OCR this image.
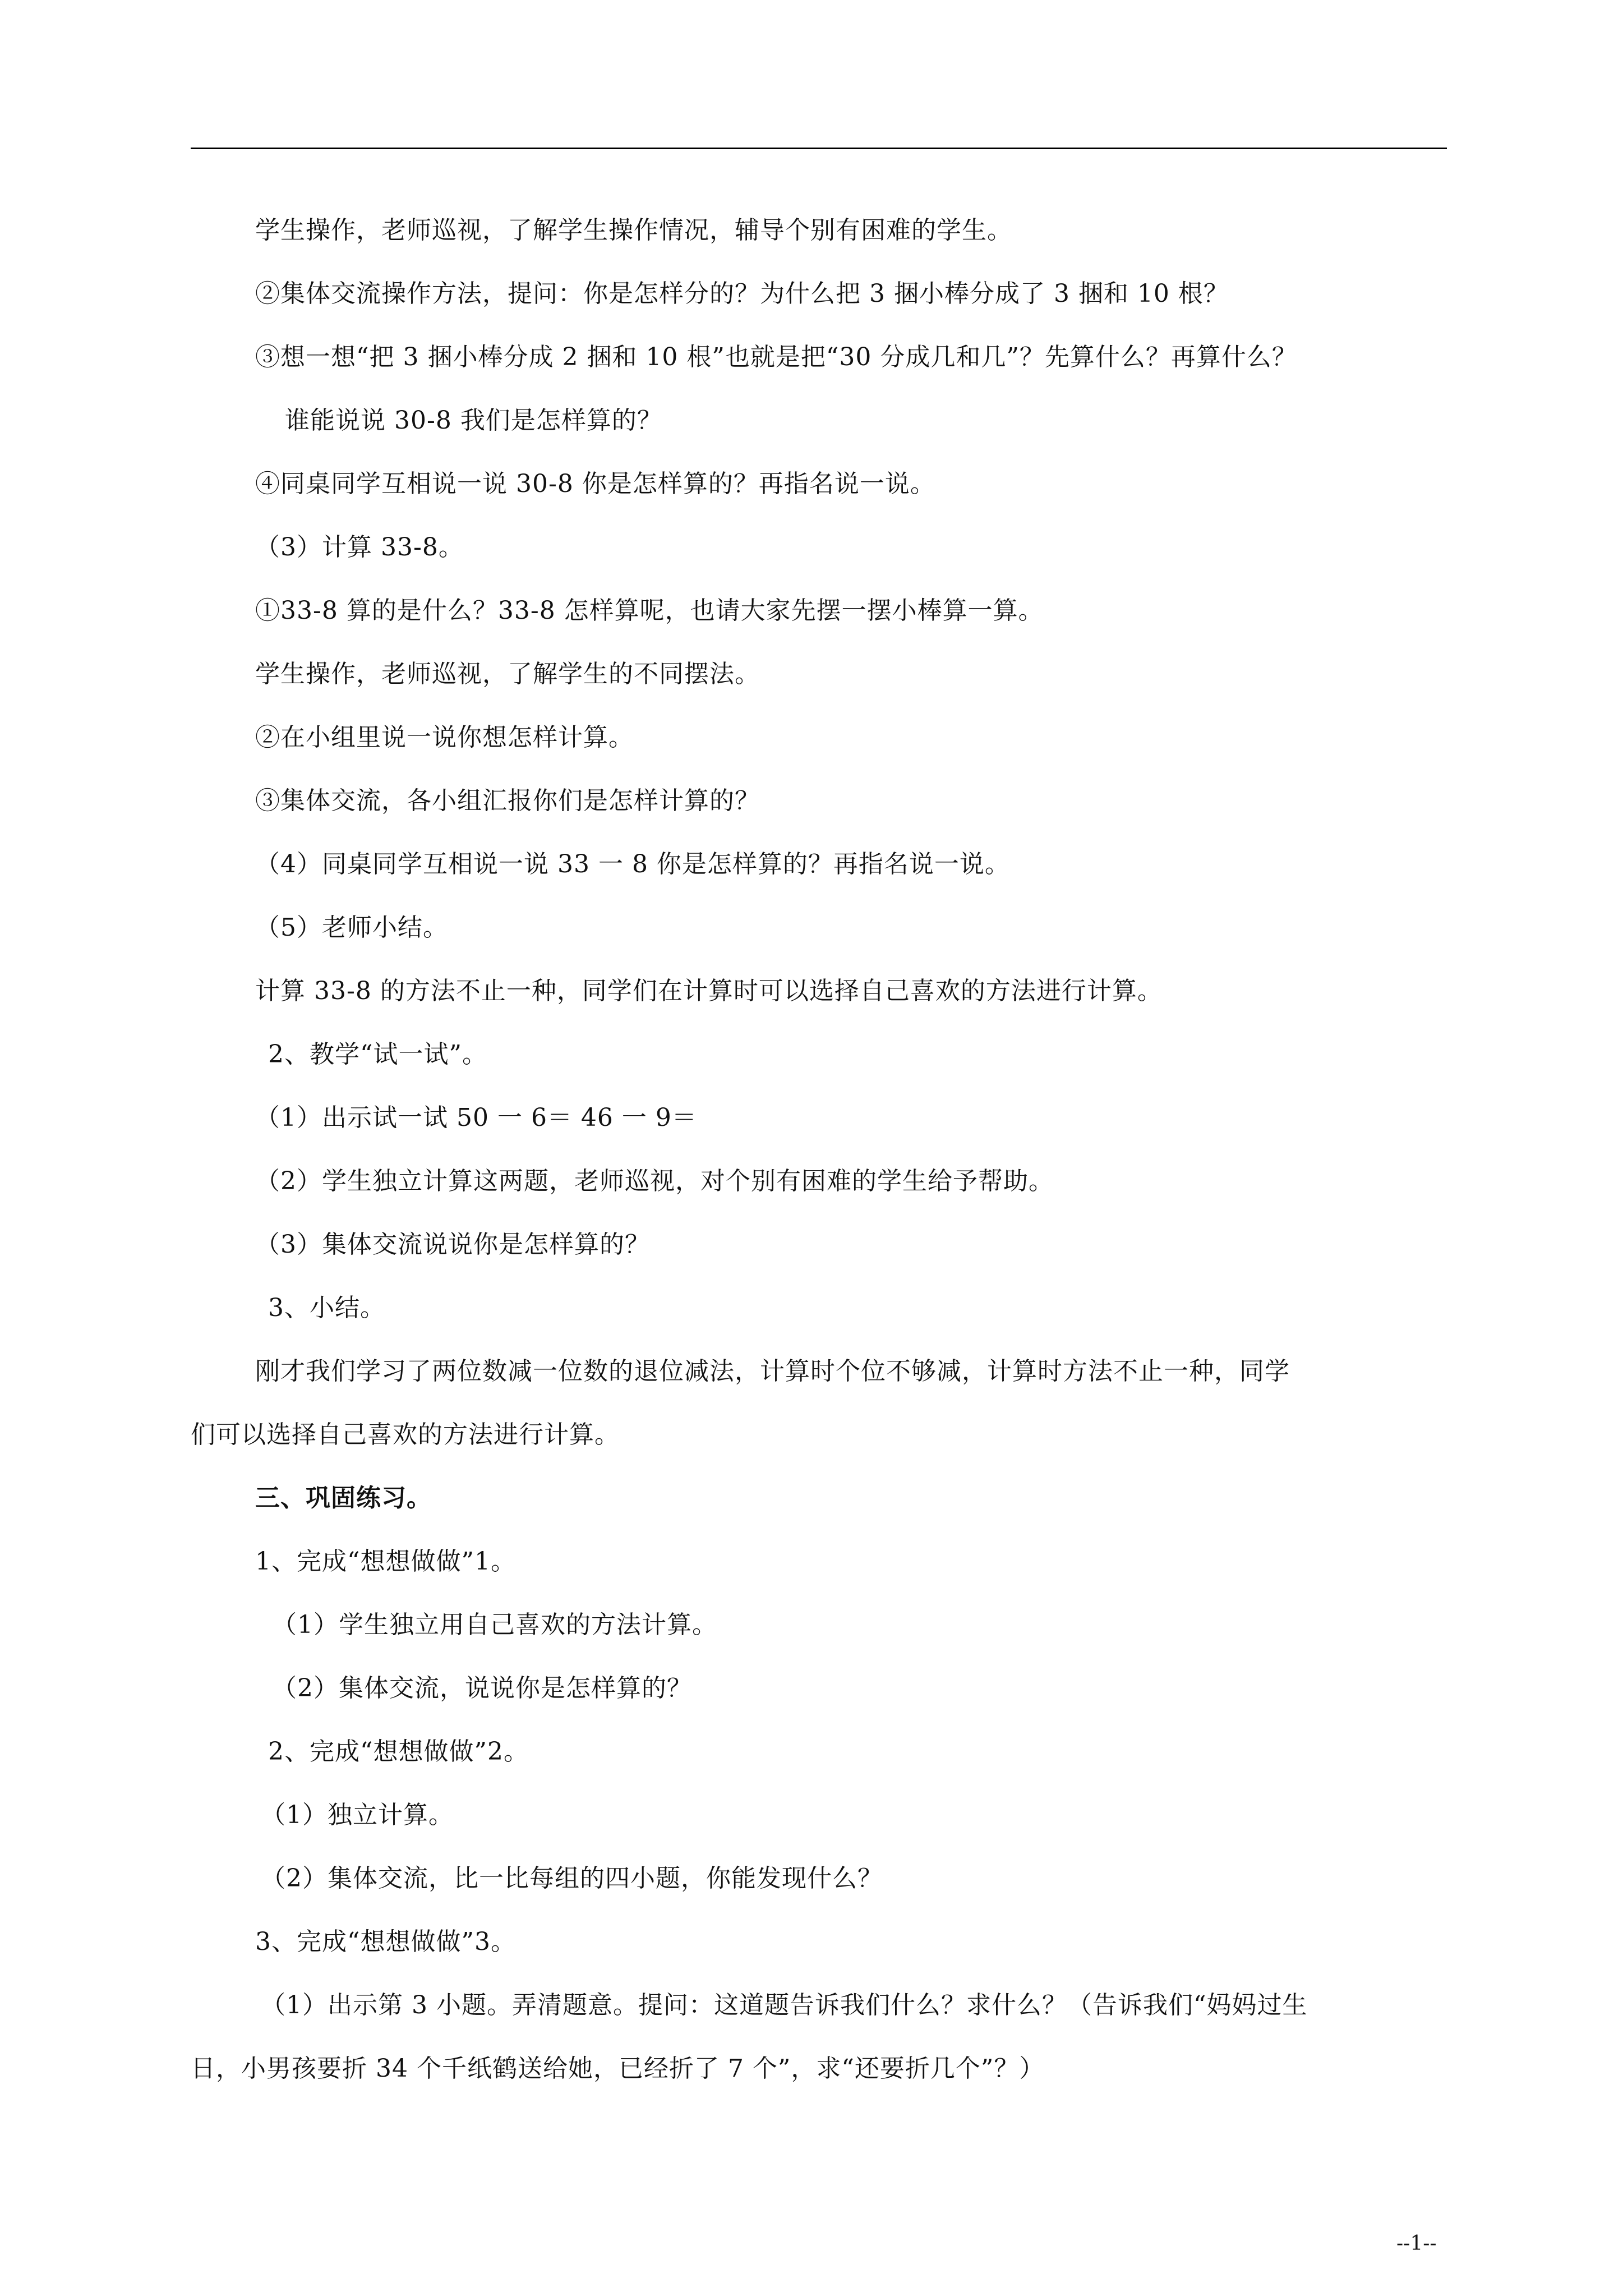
学生操作，老师巡视，了解学生操作情况，辅导个别有困难的学生。
②集体交流操作方法，提问：你是怎样分的？为什么把 3 捆小棒分成了 3 捆和 10 根？
③想一想“把 3 捆小棒分成 2 捆和 10 根”也就是把“30 分成几和几”？先算什么？再算什么？
谁能说说 30-8 我们是怎样算的？
④同桌同学互相说一说 30-8 你是怎样算的？再指名说一说。
（3）计算 33-8。
①33-8 算的是什么？33-8 怎样算呢，也请大家先摆一摆小棒算一算。
学生操作，老师巡视，了解学生的不同摆法。
②在小组里说一说你想怎样计算。
③集体交流，各小组汇报你们是怎样计算的？
（4）同桌同学互相说一说 33 一 8 你是怎样算的？再指名说一说。
（5）老师小结。
计算 33-8 的方法不止一种，同学们在计算时可以选择自己喜欢的方法进行计算。
2、教学“试一试”。
（1）出示试一试 50 一 6＝ 46 一 9＝
（2）学生独立计算这两题，老师巡视，对个别有困难的学生给予帮助。
（3）集体交流说说你是怎样算的？
3、小结。
刚才我们学习了两位数减一位数的退位减法，计算时个位不够减，计算时方法不止一种，同学
们可以选择自己喜欢的方法进行计算。
三、巩固练习。
1、完成“想想做做”1。
（1）学生独立用自己喜欢的方法计算。
（2）集体交流，说说你是怎样算的？
2、完成“想想做做”2。
（1）独立计算。
（2）集体交流，比一比每组的四小题，你能发现什么？
3、完成“想想做做”3。
（1）出示第 3 小题。弄清题意。提问：这道题告诉我们什么？求什么？（告诉我们“妈妈过生
日，小男孩要折 34 个千纸鹤送给她，已经折了 7 个”，求“还要折几个”？）
--1--
